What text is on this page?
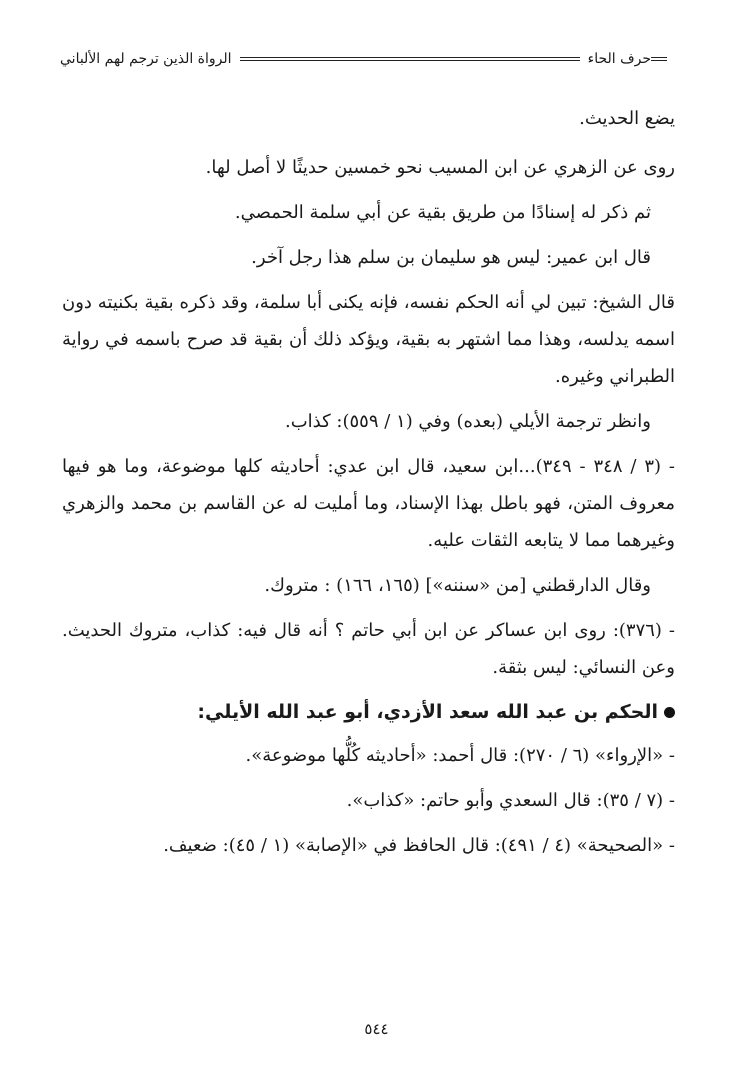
الرواة الذين ترجم لهم الألباني	حرف الحاء

يضع الحديث.

روى عن الزهري عن ابن المسيب نحو خمسين حديثًا لا أصل لها.

ثم ذكر له إسنادًا من طريق بقية عن أبي سلمة الحمصي.

قال ابن عمير: ليس هو سليمان بن سلم هذا رجل آخر.

قال الشيخ: تبين لي أنه الحكم نفسه، فإنه يكنى أبا سلمة، وقد ذكره بقية بكنيته دون اسمه يدلسه، وهذا مما اشتهر به بقية، ويؤكد ذلك أن بقية قد صرح باسمه في رواية الطبراني وغيره.

وانظر ترجمة الأيلي (بعده) وفي (١ / ٥٥٩): كذاب.

- (٣ / ٣٤٨ - ٣٤٩)...ابن سعيد، قال ابن عدي: أحاديثه كلها موضوعة، وما هو فيها معروف المتن، فهو باطل بهذا الإسناد، وما أمليت له عن القاسم بن محمد والزهري وغيرهما مما لا يتابعه الثقات عليه.

وقال الدارقطني [من «سننه»] (١٦٥، ١٦٦) : متروك.

- (٣٧٦): روى ابن عساكر عن ابن أبي حاتم ؟ أنه قال فيه: كذاب، متروك الحديث. وعن النسائي: ليس بثقة.

الحكم بن عبد الله سعد الأزدي، أبو عبد الله الأيلي:

- «الإرواء» (٦ / ٢٧٠): قال أحمد: «أحاديثه كُلُّها موضوعة».

- (٧ / ٣٥): قال السعدي وأبو حاتم: «كذاب».

- «الصحيحة» (٤ / ٤٩١): قال الحافظ في «الإصابة» (١ / ٤٥): ضعيف.

٥٤٤
